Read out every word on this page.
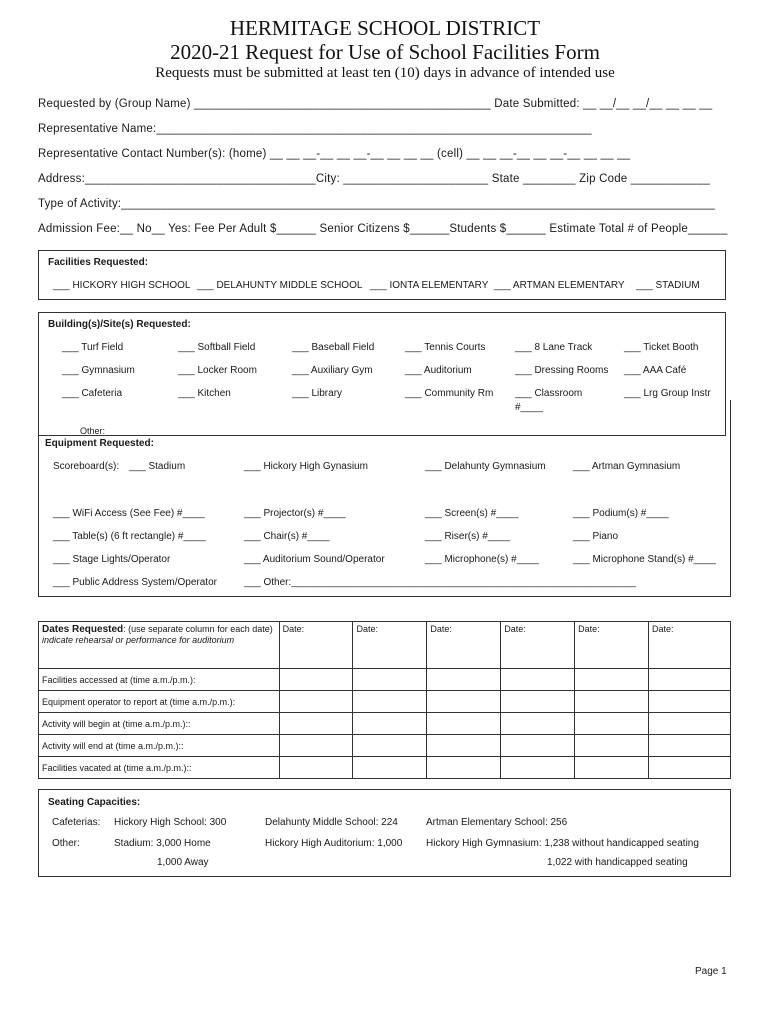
HERMITAGE SCHOOL DISTRICT
2020-21 Request for Use of School Facilities Form
Requests must be submitted at least ten (10) days in advance of intended use
Requested by (Group Name) _____________________________________________ Date Submitted: __ __/__ __/__ __ __ __
Representative Name:__________________________________________________________________
Representative Contact Number(s): (home) __ __ __-__ __ __-__ __ __ __ (cell) __ __ __-__ __ __-__ __ __ __
Address:___________________________________City: ______________________ State ________ Zip Code ____________
Type of Activity:__________________________________________________________________________________________
Admission Fee:__ No__ Yes: Fee Per Adult $______ Senior Citizens $______Students $______ Estimate Total # of People______
Facilities Requested:
___ HICKORY HIGH SCHOOL ___ DELAHUNTY MIDDLE SCHOOL ___ IONTA ELEMENTARY ___ ARTMAN ELEMENTARY ___ STADIUM
Building(s)/Site(s) Requested:
___ Turf Field	___ Softball Field	___ Baseball Field	___ Tennis Courts	___ 8 Lane Track	___ Ticket Booth
___ Gymnasium	___ Locker Room	___ Auxiliary Gym	___ Auditorium	___ Dressing Rooms ___ AAA Café
___ Cafeteria	___ Kitchen	___ Library	___ Community Rm ___ Classroom	___ Lrg Group Instr
#____
Other:
Equipment Requested:
Scoreboard(s): ___ Stadium	___ Hickory High Gynasium	___ Delahunty Gymnasium	___ Artman Gymnasium
___ WiFi Access (See Fee) #____	___ Projector(s) #____	___ Screen(s) #____	___ Podium(s) #____
___ Table(s) (6 ft rectangle) #____	___ Chair(s) #____	___ Riser(s) #____	___ Piano
___ Stage Lights/Operator	___ Auditorium Sound/Operator	___ Microphone(s) #____	___ Microphone Stand(s) #____
___ Public Address System/Operator	___ Other:______________________________________________________________
Dates Requested: (use separate column for each date) indicate rehearsal or performance for auditorium	Date:	Date:	Date:	Date:	Date:	Date:
Facilities accessed at (time a.m./p.m.):						
Equipment operator to report at (time a.m./p.m.):						
Activity will begin at (time a.m./p.m.)::						
Activity will end at (time a.m./p.m.)::						
Facilities vacated at (time a.m./p.m.)::						
Seating Capacities:
Cafeterias: Hickory High School: 300	Delahunty Middle School: 224	Artman Elementary School: 256
Other:	Stadium: 3,000 Home
1,000 Away
Hickory High Auditorium: 1,000 Hickory High Gymnasium: 1,238 without handicapped seating
1,022 with handicapped seating
Page 1
